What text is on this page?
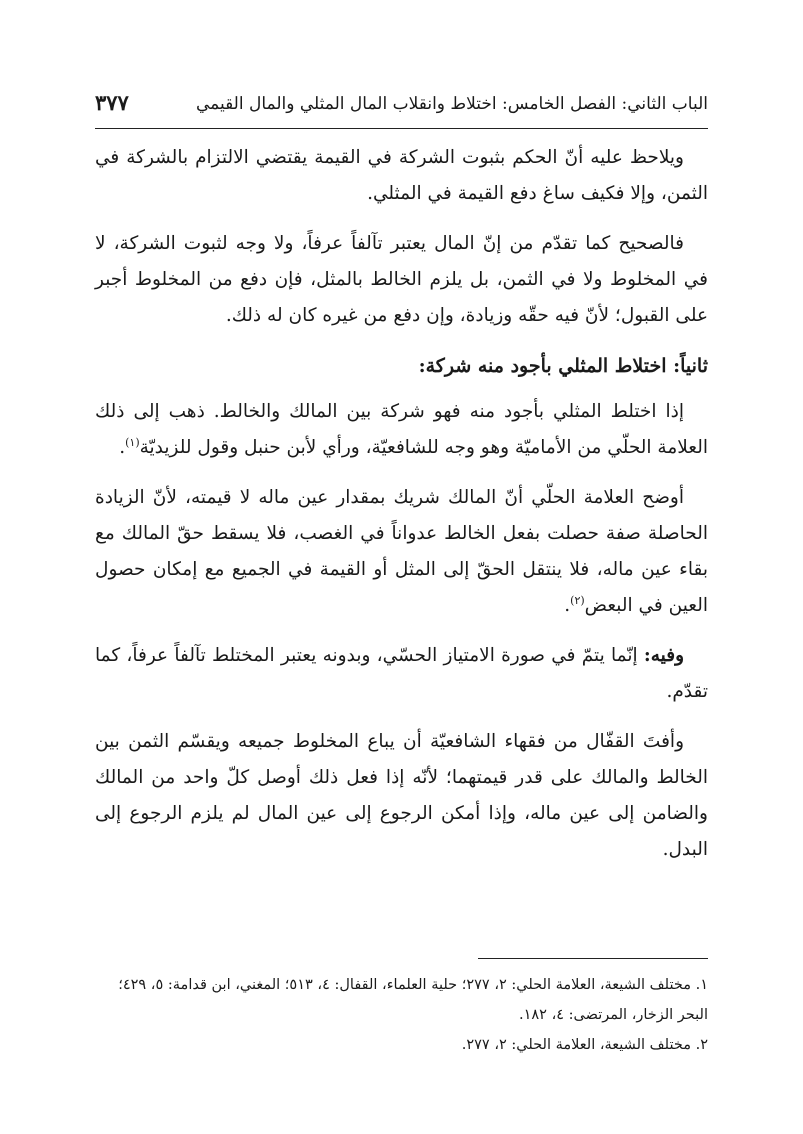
الباب الثاني: الفصل الخامس: اختلاط وانقلاب المال المثلي والمال القيمي
٣٧٧

ويلاحظ عليه أنّ الحكم بثبوت الشركة في القيمة يقتضي الالتزام بالشركة في الثمن، وإلا فكيف ساغ دفع القيمة في المثلي.

فالصحيح كما تقدّم من إنّ المال يعتبر تآلفاً عرفاً، ولا وجه لثبوت الشركة، لا في المخلوط ولا في الثمن، بل يلزم الخالط بالمثل، فإن دفع من المخلوط أجبر على القبول؛ لأنّ فيه حقّه وزيادة، وإن دفع من غيره كان له ذلك.

ثانياً: اختلاط المثلي بأجود منه شركة:

إذا اختلط المثلي بأجود منه فهو شركة بين المالك والخالط. ذهب إلى ذلك العلامة الحلّي من الأماميّة وهو وجه للشافعيّة، ورأي لأبن حنبل وقول للزيديّة$^{(١)}$.

أوضح العلامة الحلّي أنّ المالك شريك بمقدار عين ماله لا قيمته، لأنّ الزيادة الحاصلة صفة حصلت بفعل الخالط عدواناً في الغصب، فلا يسقط حقّ المالك مع بقاء عين ماله، فلا ينتقل الحقّ إلى المثل أو القيمة في الجميع مع إمكان حصول العين في البعض$^{(٢)}$.

وفيه: إنّما يتمّ في صورة الامتياز الحسّي، وبدونه يعتبر المختلط تآلفاً عرفاً، كما تقدّم.

وأفتَ القفّال من فقهاء الشافعيّة أن يباع المخلوط جميعه ويقسّم الثمن بين الخالط والمالك على قدر قيمتهما؛ لأنّه إذا فعل ذلك أوصل كلّ واحد من المالك والضامن إلى عين ماله، وإذا أمكن الرجوع إلى عين المال لم يلزم الرجوع إلى البدل.

١. مختلف الشيعة، العلامة الحلي: ٢، ٢٧٧؛ حلية العلماء، القفال: ٤، ٥١٣؛ المغني، ابن قدامة: ٥، ٤٢٩؛ البحر الزخار، المرتضى: ٤، ١٨٢.

٢. مختلف الشيعة، العلامة الحلي: ٢، ٢٧٧.
